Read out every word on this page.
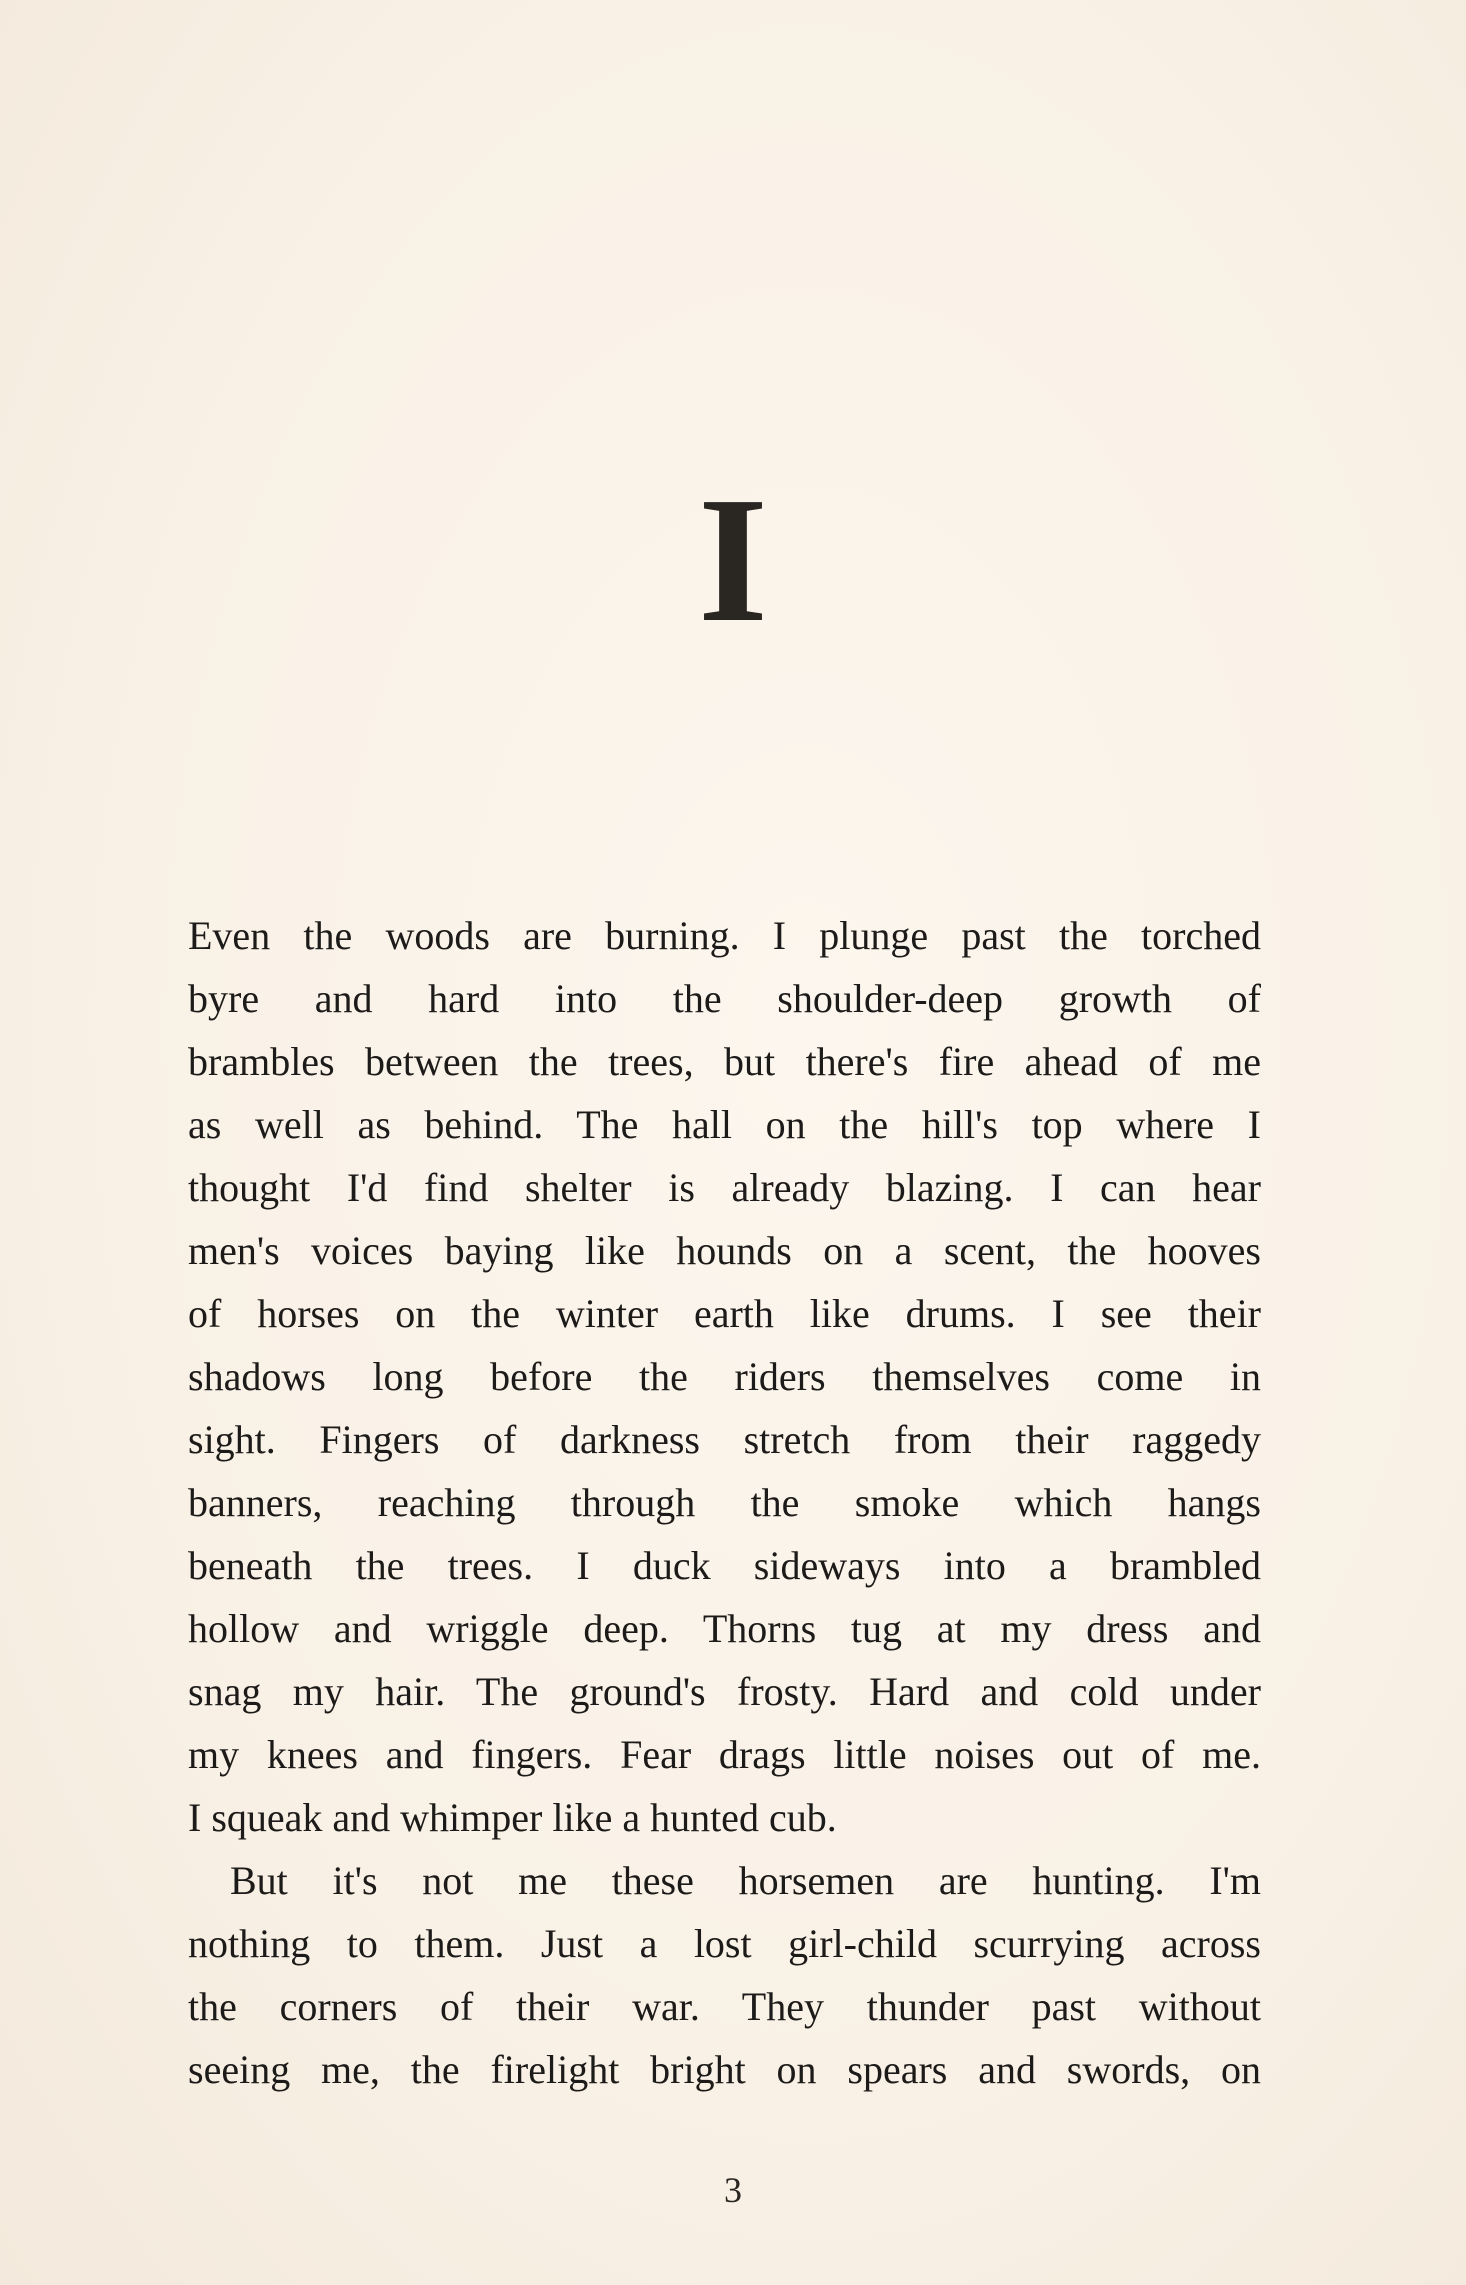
I

Even the woods are burning. I plunge past the torched
byre and hard into the shoulder-deep growth of
brambles between the trees, but there's fire ahead of me
as well as behind. The hall on the hill's top where I
thought I'd find shelter is already blazing. I can hear
men's voices baying like hounds on a scent, the hooves
of horses on the winter earth like drums. I see their
shadows long before the riders themselves come in
sight. Fingers of darkness stretch from their raggedy
banners, reaching through the smoke which hangs
beneath the trees. I duck sideways into a brambled
hollow and wriggle deep. Thorns tug at my dress and
snag my hair. The ground's frosty. Hard and cold under
my knees and fingers. Fear drags little noises out of me.
I squeak and whimper like a hunted cub.

But it's not me these horsemen are hunting. I'm
nothing to them. Just a lost girl-child scurrying across
the corners of their war. They thunder past without
seeing me, the firelight bright on spears and swords, on

3
